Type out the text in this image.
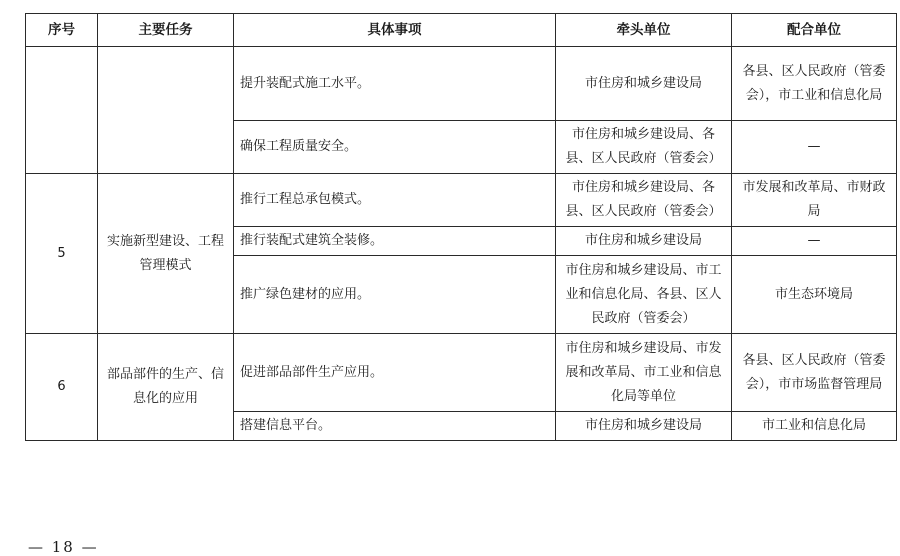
序号	主要任务	具体事项	牵头单位	配合单位
		提升装配式施工水平。	市住房和城乡建设局	各县、区人民政府（管委会），市工业和信息化局
		确保工程质量安全。	市住房和城乡建设局、各县、区人民政府（管委会）	—
5	实施新型建设、工程管理模式	推行工程总承包模式。	市住房和城乡建设局、各县、区人民政府（管委会）	市发展和改革局、市财政局
		推行装配式建筑全装修。	市住房和城乡建设局	—
		推广绿色建材的应用。	市住房和城乡建设局、市工业和信息化局、各县、区人民政府（管委会）	市生态环境局
6	部品部件的生产、信息化的应用	促进部品部件生产应用。	市住房和城乡建设局、市发展和改革局、市工业和信息化局等单位	各县、区人民政府（管委会），市市场监督管理局
		搭建信息平台。	市住房和城乡建设局	市工业和信息化局
— 18 —
